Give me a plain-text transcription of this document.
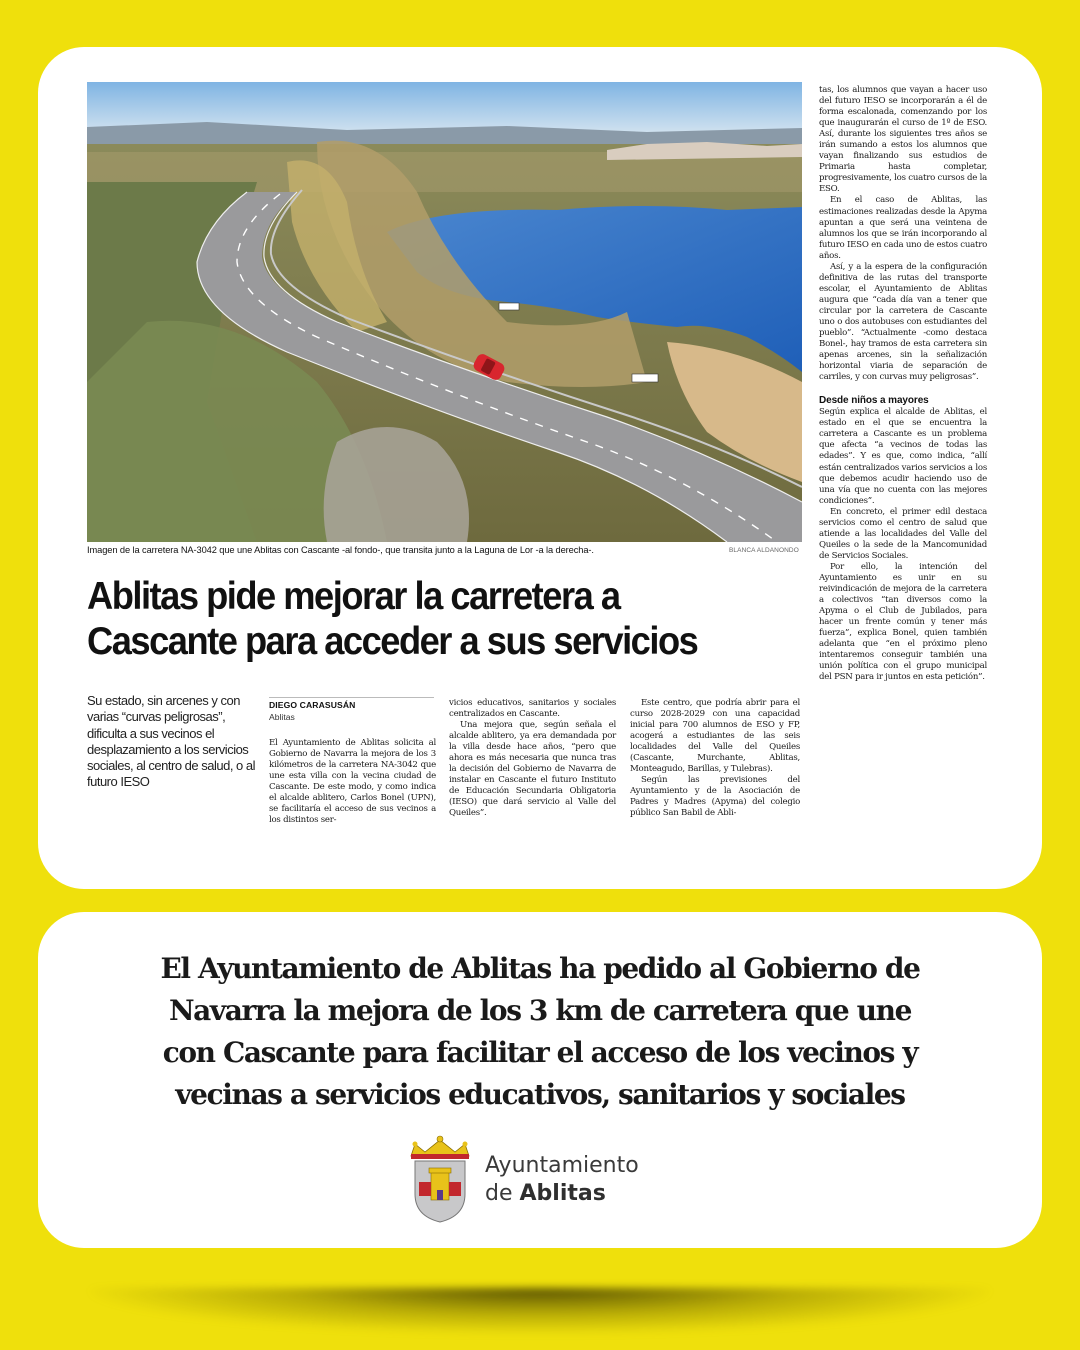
Imagen de la carretera NA-3042 que une Ablitas con Cascante -al fondo-, que transita junto a la Laguna de Lor -a la derecha-.	BLANCA ALDANONDO
Ablitas pide mejorar la carretera a
Cascante para acceder a sus servicios
Su estado, sin arcenes y con varias “curvas peligrosas”, dificulta a sus vecinos el desplazamiento a los servicios sociales, al centro de salud, o al futuro IESO
DIEGO CARASUSÁN
Ablitas

El Ayuntamiento de Ablitas solicita al Gobierno de Navarra la mejora de los 3 kilómetros de la carretera NA-3042 que une esta villa con la vecina ciudad de Cascante. De este modo, y como indica el alcalde ablitero, Carlos Bonel (UPN), se facilitaría el acceso de sus vecinos a los distintos ser-

vicios educativos, sanitarios y sociales centralizados en Cascante.

Una mejora que, según señala el alcalde ablitero, ya era demandada por la villa desde hace años, “pero que ahora es más necesaria que nunca tras la decisión del Gobierno de Navarra de instalar en Cascante el futuro Instituto de Educación Secundaria Obligatoria (IESO) que dará servicio al Valle del Queiles”.

Este centro, que podría abrir para el curso 2028-2029 con una capacidad inicial para 700 alumnos de ESO y FP, acogerá a estudiantes de las seis localidades del Valle del Queiles (Cascante, Murchante, Ablitas, Monteagudo, Barillas, y Tulebras).

Según las previsiones del Ayuntamiento y de la Asociación de Padres y Madres (Apyma) del colegio público San Babil de Abli-

tas, los alumnos que vayan a hacer uso del futuro IESO se incorporarán a él de forma escalonada, comenzando por los que inaugurarán el curso de 1º de ESO. Así, durante los siguientes tres años se irán sumando a estos los alumnos que vayan finalizando sus estudios de Primaria hasta completar, progresivamente, los cuatro cursos de la ESO.

En el caso de Ablitas, las estimaciones realizadas desde la Apyma apuntan a que será una veintena de alumnos los que se irán incorporando al futuro IESO en cada uno de estos cuatro años.

Así, y a la espera de la configuración definitiva de las rutas del transporte escolar, el Ayuntamiento de Ablitas augura que “cada día van a tener que circular por la carretera de Cascante uno o dos autobuses con estudiantes del pueblo”. “Actualmente -como destaca Bonel-, hay tramos de esta carretera sin apenas arcenes, sin la señalización horizontal viaria de separación de carriles, y con curvas muy peligrosas”.

Desde niños a mayores

Según explica el alcalde de Ablitas, el estado en el que se encuentra la carretera a Cascante es un problema que afecta “a vecinos de todas las edades”. Y es que, como indica, “allí están centralizados varios servicios a los que debemos acudir haciendo uso de una vía que no cuenta con las mejores condiciones”.

En concreto, el primer edil destaca servicios como el centro de salud que atiende a las localidades del Valle del Queiles o la sede de la Mancomunidad de Servicios Sociales.

Por ello, la intención del Ayuntamiento es unir en su reivindicación de mejora de la carretera a colectivos “tan diversos como la Apyma o el Club de Jubilados, para hacer un frente común y tener más fuerza”, explica Bonel, quien también adelanta que “en el próximo pleno intentaremos conseguir también una unión política con el grupo municipal del PSN para ir juntos en esta petición”.

El Ayuntamiento de Ablitas ha pedido al Gobierno de
Navarra la mejora de los 3 km de carretera que une
con Cascante para facilitar el acceso de los vecinos y
vecinas a servicios educativos, sanitarios y sociales
Ayuntamiento
de Ablitas
